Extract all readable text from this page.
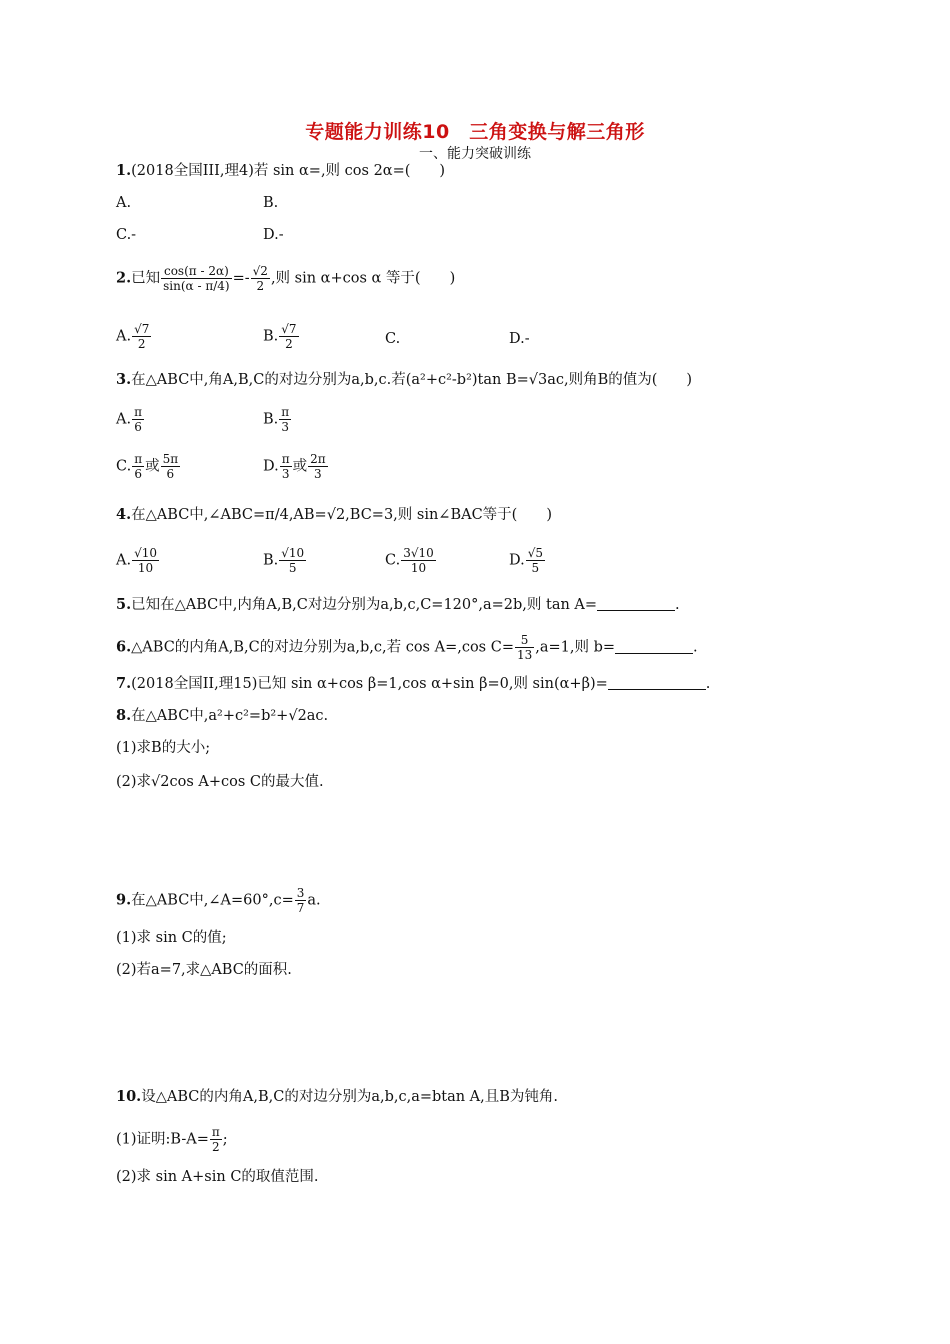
专题能力训练10　三角变换与解三角形
一、能力突破训练
1.(2018全国III,理4)若 sin α=,则 cos 2α=(　　)
A.	B.
C.-	D.-
2.已知 $\frac{\cos(\pi - 2\alpha)}{\sin(\alpha - \pi/4)} =- \frac{√2}{2}$ ,则 sin α+cos α 等于(　　)
A. $\frac{√7}{2}$	B. $\frac{√7}{2}$	C.	D.-
3.在△ABC中,角A,B,C的对边分别为a,b,c.若(a²+c²-b²)tan B=√3ac,则角B的值为(　　)
A. $\frac{\pi}{6}$	B. $\frac{\pi}{3}$
C. $\frac{\pi}{6}$ 或 $\frac{5\pi}{6}$	D. $\frac{\pi}{3}$ 或 $\frac{2\pi}{3}$
4.在△ABC中,∠ABC=π/4,AB=√2,BC=3,则 sin∠BAC等于(　　)
A. $\frac{√10}{10}$	B. $\frac{√10}{5}$	C. $\frac{3√10}{10}$	D. $\frac{√5}{5}$
5.已知在△ABC中,内角A,B,C对边分别为a,b,c,C=120°,a=2b,则 tan A=	.
6.△ABC的内角A,B,C的对边分别为a,b,c,若 cos A=,cos $C= \frac{5}{13} ,a=1$,则 b=	.
7.(2018全国II,理15)已知 sin α+cos β=1,cos α+sin β=0,则 sin(α+β)=	.
8.在△ABC中,a²+c²=b²+√2ac.
(1)求B的大小;
(2)求√2cos A+cos C的最大值.
9.在△ABC中,∠A=60°,c= $\frac{3}{7} a$.
(1)求 sin C的值;
(2)若a=7,求△ABC的面积.
10.设△ABC的内角A,B,C的对边分别为a,b,c,a=btan A,且B为钝角.
(1)证明:B-A= $\frac{\pi}{2}$ ;
(2)求 sin A+sin C的取值范围.
